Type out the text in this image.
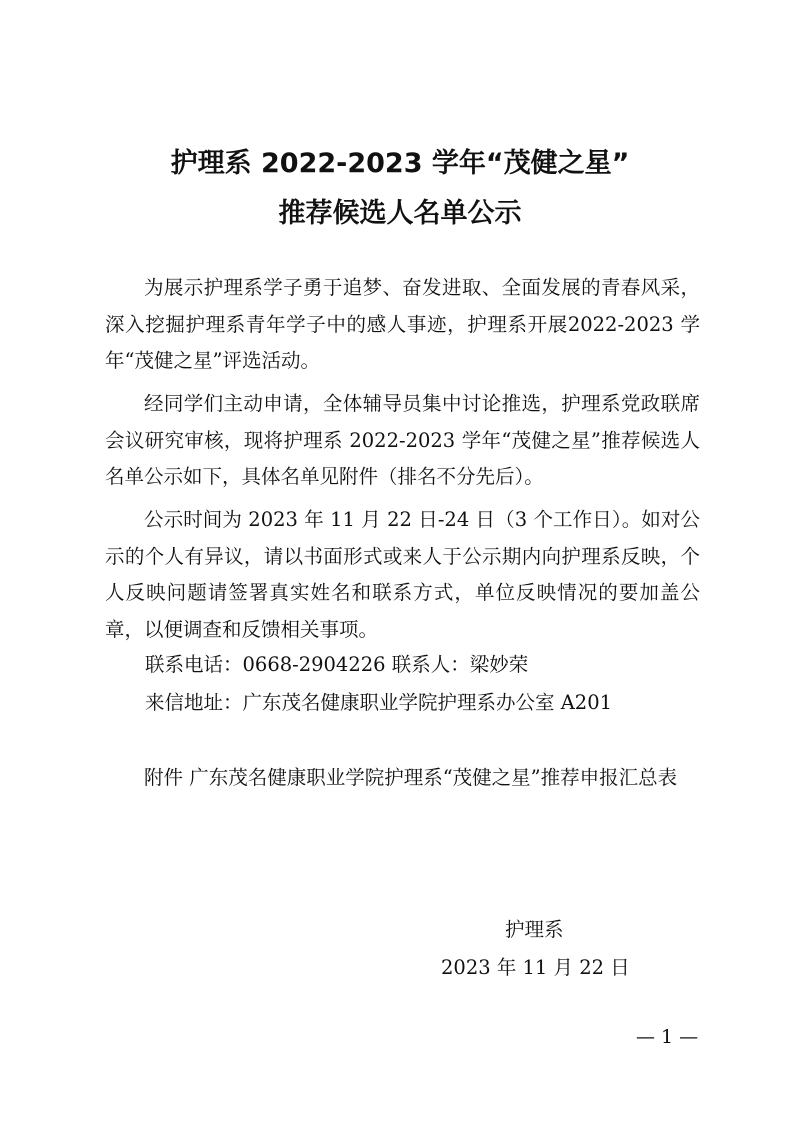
护理系 2022-2023 学年“茂健之星”
推荐候选人名单公示

为展示护理系学子勇于追梦、奋发进取、全面发展的青春风采，深入挖掘护理系青年学子中的感人事迹，护理系开展2022-2023 学年“茂健之星”评选活动。

经同学们主动申请，全体辅导员集中讨论推选，护理系党政联席会议研究审核，现将护理系 2022-2023 学年“茂健之星”推荐候选人名单公示如下，具体名单见附件（排名不分先后）。

公示时间为 2023 年 11 月 22 日-24 日（3 个工作日）。如对公示的个人有异议，请以书面形式或来人于公示期内向护理系反映，个人反映问题请签署真实姓名和联系方式，单位反映情况的要加盖公章，以便调查和反馈相关事项。

联系电话：0668-2904226 联系人：梁妙荣

来信地址：广东茂名健康职业学院护理系办公室 A201

附件 广东茂名健康职业学院护理系“茂健之星”推荐申报汇总表

护理系
2023 年 11 月 22 日
— 1 —
